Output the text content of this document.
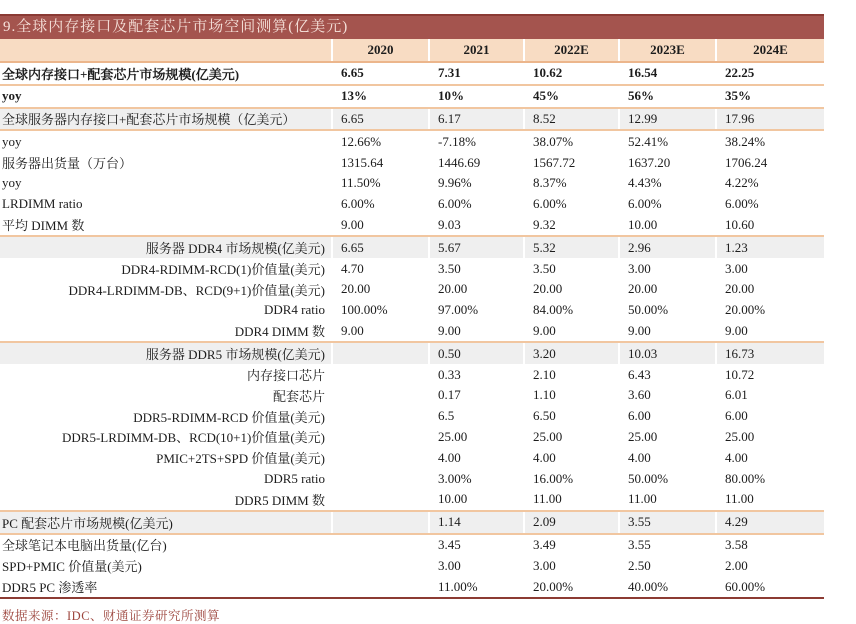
9.全球内存接口及配套芯片市场空间测算(亿美元)
	2020	2021	2022E	2023E	2024E
全球内存接口+配套芯片市场规模(亿美元)	6.65	7.31	10.62	16.54	22.25
yoy	13%	10%	45%	56%	35%
全球服务器内存接口+配套芯片市场规模（亿美元）	6.65	6.17	8.52	12.99	17.96
yoy	12.66%	-7.18%	38.07%	52.41%	38.24%
服务器出货量（万台）	1315.64	1446.69	1567.72	1637.20	1706.24
yoy	11.50%	9.96%	8.37%	4.43%	4.22%
LRDIMM ratio	6.00%	6.00%	6.00%	6.00%	6.00%
平均 DIMM 数	9.00	9.03	9.32	10.00	10.60
服务器 DDR4 市场规模(亿美元)	6.65	5.67	5.32	2.96	1.23
DDR4-RDIMM-RCD(1)价值量(美元)	4.70	3.50	3.50	3.00	3.00
DDR4-LRDIMM-DB、RCD(9+1)价值量(美元)	20.00	20.00	20.00	20.00	20.00
DDR4 ratio	100.00%	97.00%	84.00%	50.00%	20.00%
DDR4 DIMM 数	9.00	9.00	9.00	9.00	9.00
服务器 DDR5 市场规模(亿美元)		0.50	3.20	10.03	16.73
内存接口芯片		0.33	2.10	6.43	10.72
配套芯片		0.17	1.10	3.60	6.01
DDR5-RDIMM-RCD 价值量(美元)		6.5	6.50	6.00	6.00
DDR5-LRDIMM-DB、RCD(10+1)价值量(美元)		25.00	25.00	25.00	25.00
PMIC+2TS+SPD 价值量(美元)		4.00	4.00	4.00	4.00
DDR5 ratio		3.00%	16.00%	50.00%	80.00%
DDR5 DIMM 数		10.00	11.00	11.00	11.00
PC 配套芯片市场规模(亿美元)		1.14	2.09	3.55	4.29
全球笔记本电脑出货量(亿台)		3.45	3.49	3.55	3.58
SPD+PMIC 价值量(美元)		3.00	3.00	2.50	2.00
DDR5 PC 渗透率		11.00%	20.00%	40.00%	60.00%
数据来源：IDC、财通证券研究所测算
